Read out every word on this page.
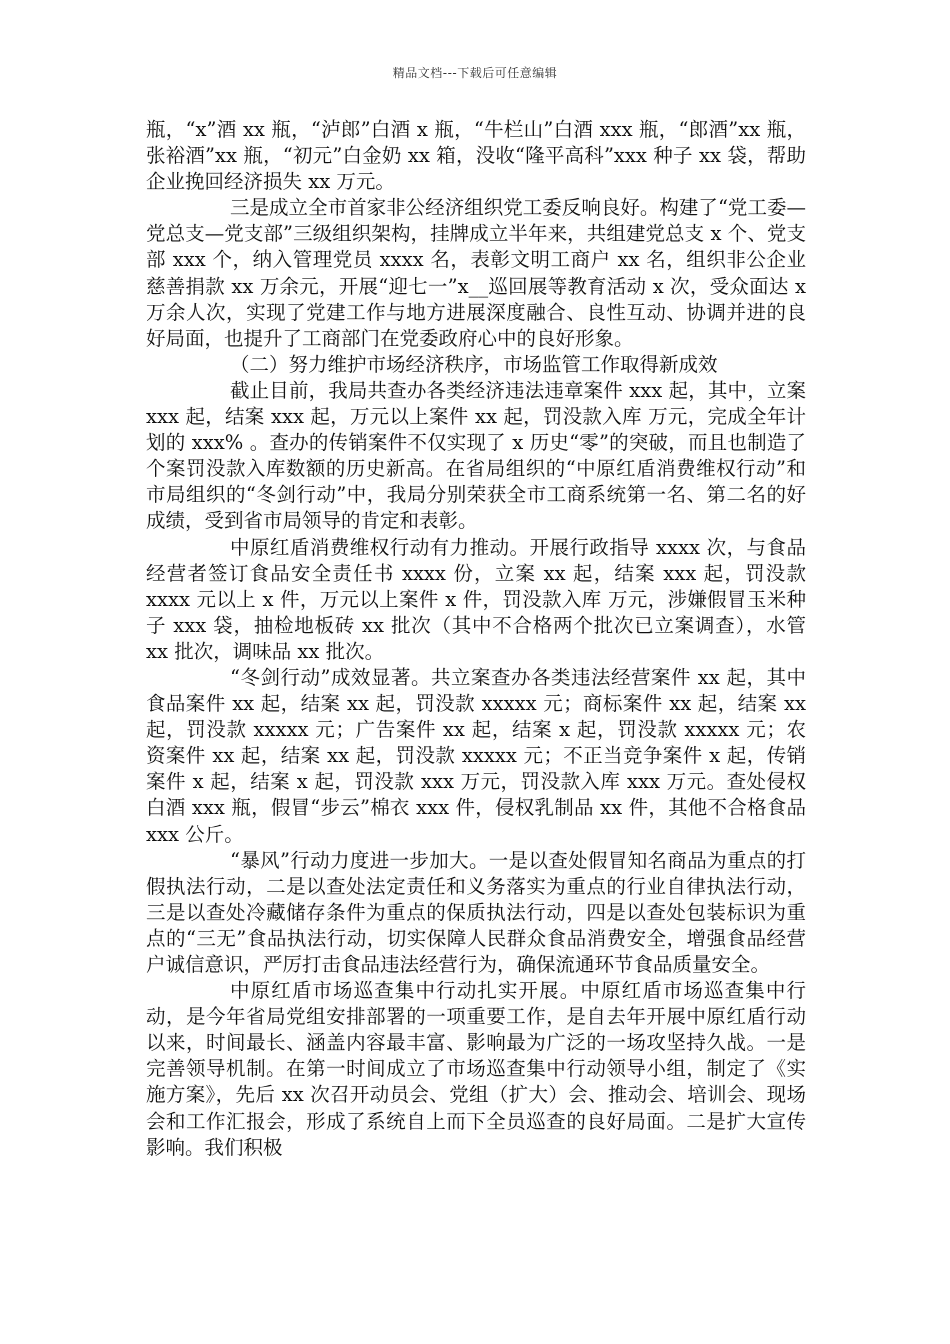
精品文档---下载后可任意编辑

瓶，“x”酒 xx 瓶，“泸郎”白酒 x 瓶，“牛栏山”白酒 xxx 瓶，“郎酒”xx 瓶，张裕酒”xx 瓶，“初元”白金奶 xx 箱，没收“隆平高科”xxx 种子 xx 袋，帮助企业挽回经济损失 xx 万元。

三是成立全市首家非公经济组织党工委反响良好。构建了“党工委—党总支—党支部”三级组织架构，挂牌成立半年来，共组建党总支 x 个、党支部 xxx 个，纳入管理党员 xxxx 名，表彰文明工商户 xx 名，组织非公企业慈善捐款 xx 万余元，开展“迎七一”x__巡回展等教育活动 x 次，受众面达 x 万余人次，实现了党建工作与地方进展深度融合、良性互动、协调并进的良好局面，也提升了工商部门在党委政府心中的良好形象。

（二）努力维护市场经济秩序，市场监管工作取得新成效

截止目前，我局共查办各类经济违法违章案件 xxx 起，其中，立案 xxx 起，结案 xxx 起，万元以上案件 xx 起，罚没款入库 万元，完成全年计划的 xxx% 。查办的传销案件不仅实现了 x 历史“零”的突破，而且也制造了个案罚没款入库数额的历史新高。在省局组织的“中原红盾消费维权行动”和市局组织的“冬剑行动”中，我局分别荣获全市工商系统第一名、第二名的好成绩，受到省市局领导的肯定和表彰。

中原红盾消费维权行动有力推动。开展行政指导 xxxx 次，与食品经营者签订食品安全责任书 xxxx 份，立案 xx 起，结案 xxx 起，罚没款 xxxx 元以上 x 件，万元以上案件 x 件，罚没款入库 万元，涉嫌假冒玉米种子 xxx 袋，抽检地板砖 xx 批次（其中不合格两个批次已立案调查），水管 xx 批次，调味品 xx 批次。

“冬剑行动”成效显著。共立案查办各类违法经营案件 xx 起，其中食品案件 xx 起，结案 xx 起，罚没款 xxxxx 元；商标案件 xx 起，结案 xx 起，罚没款 xxxxx 元；广告案件 xx 起，结案 x 起，罚没款 xxxxx 元；农资案件 xx 起，结案 xx 起，罚没款 xxxxx 元；不正当竞争案件 x 起，传销案件 x 起，结案 x 起，罚没款 xxx 万元，罚没款入库 xxx 万元。查处侵权白酒 xxx 瓶，假冒“步云”棉衣 xxx 件，侵权乳制品 xx 件，其他不合格食品 xxx 公斤。

“暴风”行动力度进一步加大。一是以查处假冒知名商品为重点的打假执法行动，二是以查处法定责任和义务落实为重点的行业自律执法行动，三是以查处冷藏储存条件为重点的保质执法行动，四是以查处包装标识为重点的“三无”食品执法行动，切实保障人民群众食品消费安全，增强食品经营户诚信意识，严厉打击食品违法经营行为，确保流通环节食品质量安全。

中原红盾市场巡查集中行动扎实开展。中原红盾市场巡查集中行动，是今年省局党组安排部署的一项重要工作，是自去年开展中原红盾行动以来，时间最长、涵盖内容最丰富、影响最为广泛的一场攻坚持久战。一是完善领导机制。在第一时间成立了市场巡查集中行动领导小组，制定了《实施方案》，先后 xx 次召开动员会、党组（扩大）会、推动会、培训会、现场会和工作汇报会，形成了系统自上而下全员巡查的良好局面。二是扩大宣传影响。我们积极
